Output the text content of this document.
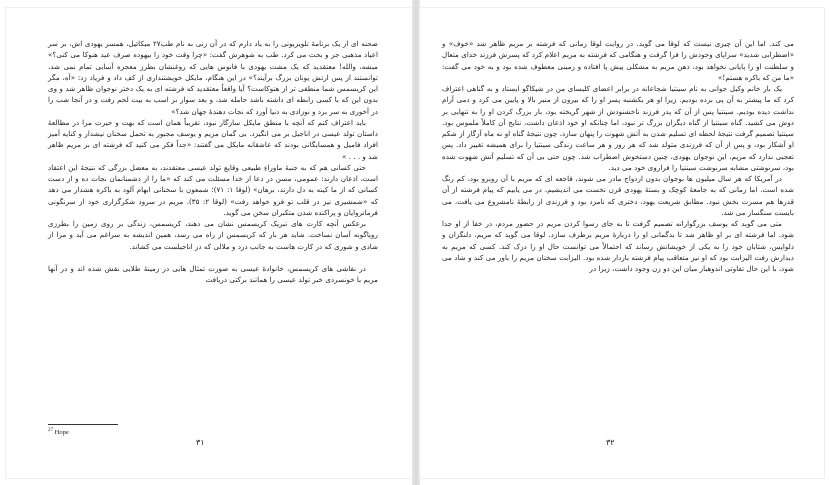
صحنه ای از یک برنامهٔ تلویزیونی را به یاد دارم که در آن زنی به نام طب۲۷ میکائیل، همسر یهودی اش، بر سر اعیاد مذهبی جر و بحث می کرد. طب به شوهرش گفت: «چرا وقت خود را بیهوده صرف عید هنوکا می کنی؟» میشه، والله! معتقدید که یک مشت یهودی با فانوس هایی که روغنشان بطرز معجزه آسایی تمام نمی شد، توانستند از پس ارتش یونان بزرگ برآیند؟» در این هنگام، مایکل خویشتنداری از کف داد و فریاد زد: «آه، مگر این کریسمس شما منطقی تر از هنوکاست؟ آیا واقعاً معتقدید که فرشته ای به یک دختر نوجوان ظاهر شد و وی بدون این که با کسی رابطه ای داشته باشد حامله شد، و بعد سوار بر اسب به بیت لحم رفت و در آنجا شب را در آخوری به سر برد و نوزادی به دنیا آورد که نجات دهندهٔ جهان شد؟»

باید اعتراف کنم که آنچه با منطق مایکل سازگار نبود، تقریباً همان است که بهت و حیرت مرا در مطالعهٔ داستان تولد عیسی در اناجیل بر می انگیزد. بی گمان مریم و یوسف مجبور به تحمل سخنان نیشدار و کنایه آمیز افراد فامیل و همسایگانی بودند که عاشقانه مایکل می گفتند: «جداً فکر می کنید که فرشته ای بر مریم ظاهر شد و . . . »

حتی کسانی هم که به جنبهٔ ماوراءِ طبیعی وقایع تولد عیسی معتقدند، به معضل بزرگی که نتیجهٔ این اعتقاد است، اذعان دارند: عمومی، مسن در دعا از خدا مسئلت می کند که «ما را از دشمنانمان نجات ده و از دست کسانی که از ما کینه به دل دارند، برهان» (لوقا ۱: ۷۱)؛ شمعون با سخنانی ابهام آلود به باکره هشدار می دهد که «شمشیری نیز در قلب تو فرو خواهد رفت» (لوقا ۲: ۳۵). مریم در سرود شکرگزاری خود از سرنگونی فرمانروایان و پراکنده شدن متکبران سخن می گوید.

برعکس آنچه کارت های تبریک کریسمس نشان می دهند، کریسمس، زندگی بر روی زمین را بطرزی رویاگونه آسان نساخت. شاید هر بار که کریسمس از راه می رسد، همین اندیشه به سراغم می آید و مرا از شادی و شوری که در کارت هاست به جانب درد و ملالی که در اناجیلست می کشاند.

در نقاشی های کریسمس، خانوادهٔ عیسی به صورت تمثال هایی در زمینهٔ طلایی نقش شده اند و در آنها مریم با خونسردی خبر تولد عیسی را همانند برکتی دریافت

$^{27}$ Hope
۳۱

می کند. اما این آن چیزی نیست که لوقا می گوید. در روایت لوقا زمانی که فرشته بر مریم ظاهر شد «خوف» و «اضطرابی شدید» سراپای وجودش را فرا گرفت و هنگامی که فرشته به مریم اعلام کرد که پسرش فرزند خدای متعال و سلطنت او را پایانی نخواهد بود، ذهن مریم به مشکلی پیش پا افتاده و زمینی معطوف شده بود و به خود می گفت: «ما من که باکره هستم!»

یک بار خانم وکیل جوانی به نام سینتیا شجاعانه در برابر اعضای کلیسای من در شیکاگو ایستاد و به گناهی اعتراف کرد که ما پیشتر به آن پی برده بودیم. زیرا او هر یکشنبه پسر او را که بیرون از منبر بالا و پایین می کرد و دمی آرام نداشت دیده بودیم. سینتیا پس از آن که پدر فرزند ناخشنودش از شهر گریخته بود، بار بزرگ کردن او را به تنهایی بر دوش می کشید. گناه سینتیا از گناه دیگران بزرگ تر نبود، اما چنانکه او خود اذعان داشت، نتایج آن کاملاً ملموس بود. سینتیا تصمیم گرفت نتیجهٔ لحظه ای تسلیم شدن به آتش شهوت را پنهان سازد، چون نتیجهٔ گناه او نه ماه آزگار از شکم او آشکار بود، و پس از آن که فرزندی متولد شد که هر روز و هر ساعت زندگی سینتیا را برای همیشه تغییر داد. پس تعجبی ندارد که مریم، این نوجوان یهودی، چنین دستخوش اضطراب شد. چون حتی بی آن که تسلیم آتش شهوت شده بود، سرنوشتی مشابه سرنوشت سینتیا را فراروی خود می دید.

در آمریکا که هر سال میلیون ها نوجوان بدون ازدواج مادر می شوند، فاجعه ای که مریم با آن روبرو بود، کم رنگ شده است. اما زمانی که به جامعهٔ کوچک و بستهٔ یهودی قرن نخست می اندیشیم، در می یابیم که پیام فرشته از آن قدرها هم مسرت بخش نبود. مطابق شریعت یهود، دختری که نامزد بود و فرزندی از رابطهٔ نامشروع می یافت، می بایست سنگسار می شد.

متی می گوید که یوسف بزرگوارانه تصمیم گرفت تا به جای رسوا کردن مریم در حضور مردم، در خفا از او جدا شود. اما فرشته ای بر او ظاهر شد تا بدگمانی او را دربارهٔ مریم برطرف سازد. لوقا می گوید که مریم، دلنگران و دلواپس، شتابان خود را به یکی از خویشانش رساند که احتمالاً می توانست حال او را درک کند. کسی که مریم به دیدارش رفت الیزابت بود که او نیز متعاقب پیام فرشته باردار شده بود. الیزابت سخنان مریم را باور می کند و شاد می شود، با این حال تفاوتی اندوهبار میان این دو زن وجود داشت، زیرا در

۳۲
